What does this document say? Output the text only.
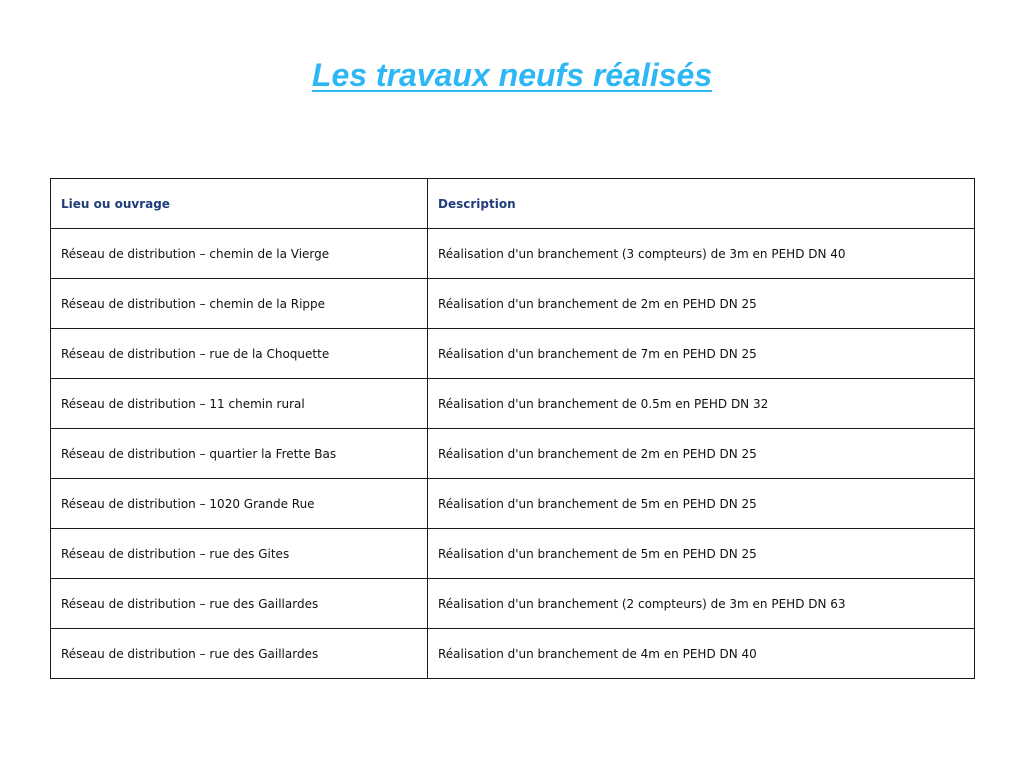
Les travaux neufs réalisés
Lieu ou ouvrage	Description
Réseau de distribution – chemin de la Vierge	Réalisation d'un branchement (3 compteurs) de 3m en PEHD DN 40
Réseau de distribution – chemin de la Rippe	Réalisation d'un branchement de 2m en PEHD DN 25
Réseau de distribution – rue de la Choquette	Réalisation d'un branchement de 7m en PEHD DN 25
Réseau de distribution – 11 chemin rural	Réalisation d'un branchement de 0.5m en PEHD DN 32
Réseau de distribution – quartier la Frette Bas	Réalisation d'un branchement de 2m en PEHD DN 25
Réseau de distribution – 1020 Grande Rue	Réalisation d'un branchement de 5m en PEHD DN 25
Réseau de distribution – rue des Gites	Réalisation d'un branchement de 5m en PEHD DN 25
Réseau de distribution – rue des Gaillardes	Réalisation d'un branchement (2 compteurs) de 3m en PEHD DN 63
Réseau de distribution – rue des Gaillardes	Réalisation d'un branchement de 4m en PEHD DN 40
